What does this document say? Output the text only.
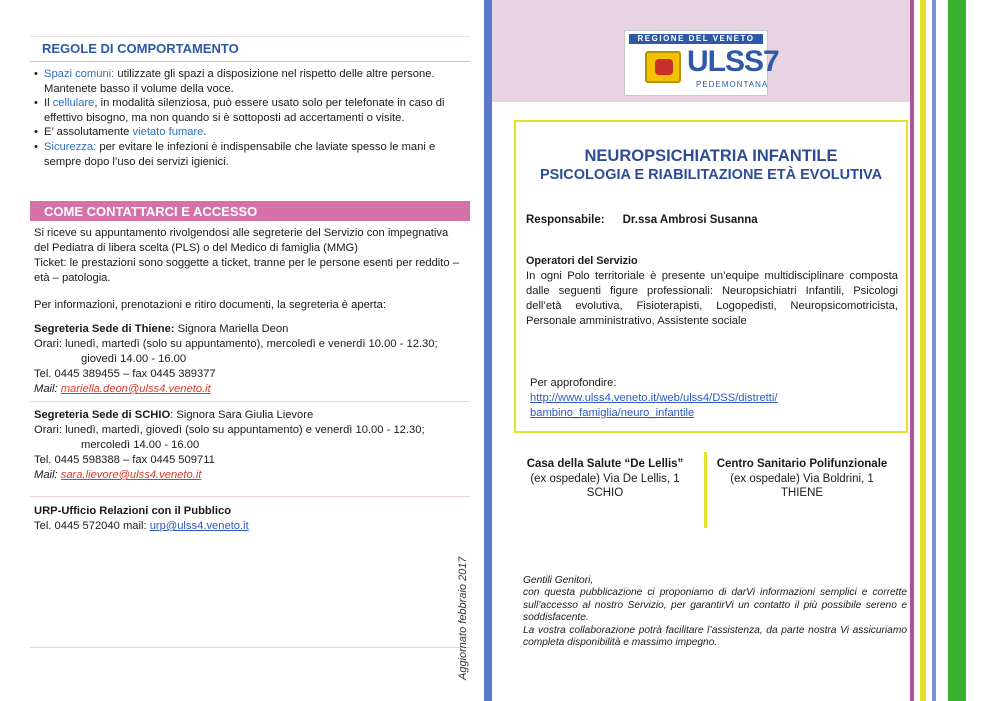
REGOLE DI COMPORTAMENTO
• Spazi comuni: utilizzate gli spazi a disposizione nel rispetto delle altre persone. Mantenete basso il volume della voce.
• Il cellulare, in modalità silenziosa, può essere usato solo per telefonate in caso di effettivo bisogno, ma non quando si è sottoposti ad accertamenti o visite.
• E’ assolutamente vietato fumare.
• Sicurezza: per evitare le infezioni è indispensabile che laviate spesso le mani e sempre dopo l’uso dei servizi igienici.
COME CONTATTARCI E ACCESSO
Si riceve su appuntamento rivolgendosi alle segreterie del Servizio con impegnativa del Pediatra di libera scelta (PLS) o del Medico di famiglia (MMG)
Ticket: le prestazioni sono soggette a ticket, tranne per le persone esenti per reddito – età – patologia.
Per informazioni, prenotazioni e ritiro documenti, la segreteria è aperta:
Segreteria Sede di Thiene: Signora Mariella Deon
Orari: lunedì, martedì (solo su appuntamento), mercoledì e venerdì 10.00 - 12.30;
giovedì 14.00 - 16.00
Tel. 0445 389455 – fax 0445 389377
Mail: mariella.deon@ulss4.veneto.it
Segreteria Sede di SCHIO: Signora Sara Giulia Lievore
Orari: lunedì, martedì, giovedì (solo su appuntamento) e venerdì 10.00 - 12.30;
mercoledì 14.00 - 16.00
Tel. 0445 598388 – fax 0445 509711
Mail: sara.lievore@ulss4.veneto.it
URP-Ufficio Relazioni con il Pubblico
Tel. 0445 572040 mail: urp@ulss4.veneto.it
Aggiornato febbraio 2017
REGIONE DEL VENETO
ULSS7
PEDEMONTANA
NEUROPSICHIATRIA INFANTILE
PSICOLOGIA E RIABILITAZIONE ETÀ EVOLUTIVA
Responsabile: Dr.ssa Ambrosi Susanna
Operatori del Servizio
In ogni Polo territoriale è presente un’equipe multidisciplinare composta dalle seguenti figure professionali: Neuropsichiatri Infantili, Psicologi dell’età evolutiva, Fisioterapisti, Logopedisti, Neuropsicomotricista, Personale amministrativo, Assistente sociale
Per approfondire:
http://www.ulss4.veneto.it/web/ulss4/DSS/distretti/
bambino_famiglia/neuro_infantile
Casa della Salute “De Lellis”
(ex ospedale) Via De Lellis, 1
SCHIO
Centro Sanitario Polifunzionale
(ex ospedale) Via Boldrini, 1
THIENE
Gentili Genitori,
con questa pubblicazione ci proponiamo di darVi informazioni semplici e corrette sull’accesso al nostro Servizio, per garantirVi un contatto il più possibile sereno e soddisfacente.
La vostra collaborazione potrà facilitare l’assistenza, da parte nostra Vi assicuriamo completa disponibilità e massimo impegno.
